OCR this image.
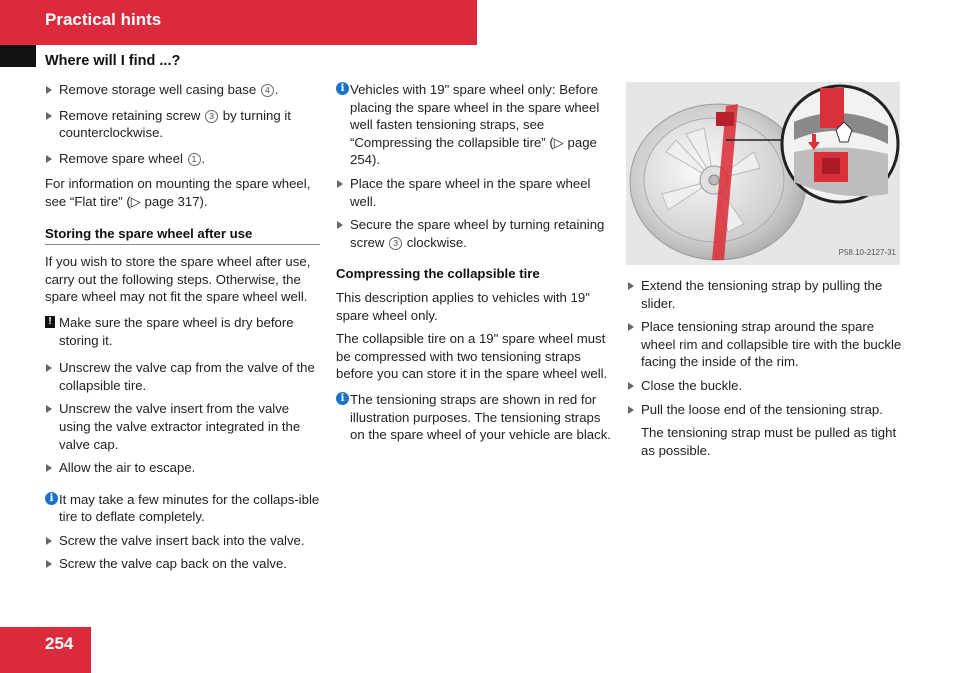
Practical hints
Where will I find ...?
Remove storage well casing base 4 .
Remove retaining screw 3 by turning it counterclockwise.
Remove spare wheel 1 .
For information on mounting the spare wheel, see “Flat tire” (▷ page 317).
Storing the spare wheel after use
If you wish to store the spare wheel after use, carry out the following steps. Otherwise, the spare wheel may not fit the spare wheel well.
! Make sure the spare wheel is dry before storing it.
Unscrew the valve cap from the valve of the collapsible tire.
Unscrew the valve insert from the valve using the valve extractor integrated in the valve cap.
Allow the air to escape.
i It may take a few minutes for the collaps-ible tire to deflate completely.
Screw the valve insert back into the valve.
Screw the valve cap back on the valve.
i Vehicles with 19" spare wheel only: Before placing the spare wheel in the spare wheel well fasten tensioning straps, see “Compressing the collapsible tire” (▷ page 254).
Place the spare wheel in the spare wheel well.
Secure the spare wheel by turning retaining screw 3 clockwise.
Compressing the collapsible tire
This description applies to vehicles with 19" spare wheel only.
The collapsible tire on a 19" spare wheel must be compressed with two tensioning straps before you can store it in the spare wheel well.
i The tensioning straps are shown in red for illustration purposes. The tensioning straps on the spare wheel of your vehicle are black.
P58.10-2127-31
Extend the tensioning strap by pulling the slider.
Place tensioning strap around the spare wheel rim and collapsible tire with the buckle facing the inside of the rim.
Close the buckle.
Pull the loose end of the tensioning strap.
The tensioning strap must be pulled as tight as possible.
254
